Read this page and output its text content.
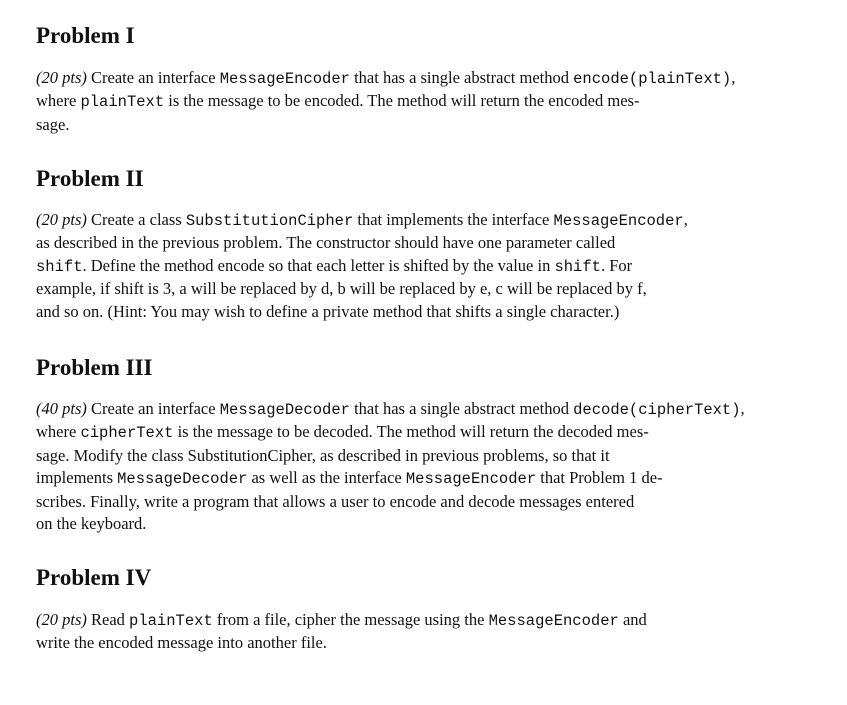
Problem I
(20 pts) Create an interface MessageEncoder that has a single abstract method encode(plainText),
where plainText is the message to be encoded. The method will return the encoded mes-
sage.
Problem II
(20 pts) Create a class SubstitutionCipher that implements the interface MessageEncoder,
as described in the previous problem. The constructor should have one parameter called
shift. Define the method encode so that each letter is shifted by the value in shift. For
example, if shift is 3, a will be replaced by d, b will be replaced by e, c will be replaced by f,
and so on. (Hint: You may wish to define a private method that shifts a single character.)
Problem III
(40 pts) Create an interface MessageDecoder that has a single abstract method decode(cipherText),
where cipherText is the message to be decoded. The method will return the decoded mes-
sage. Modify the class SubstitutionCipher, as described in previous problems, so that it
implements MessageDecoder as well as the interface MessageEncoder that Problem 1 de-
scribes. Finally, write a program that allows a user to encode and decode messages entered
on the keyboard.
Problem IV
(20 pts) Read plainText from a file, cipher the message using the MessageEncoder and
write the encoded message into another file.
